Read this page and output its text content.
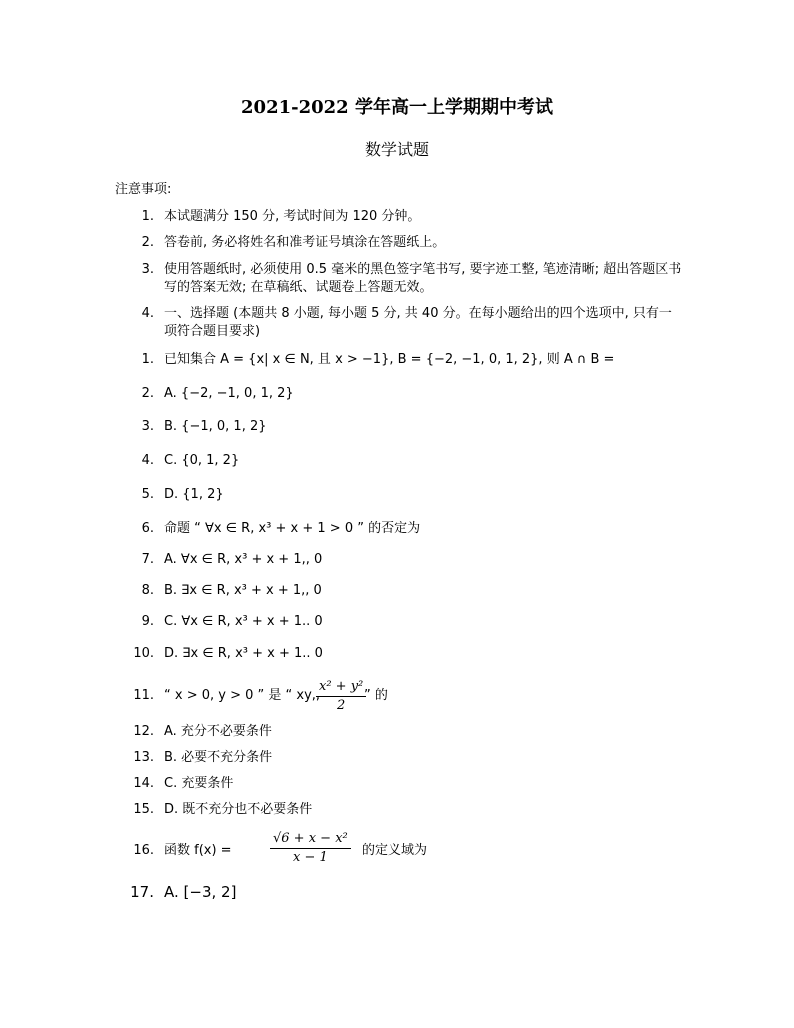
2021-2022 学年高一上学期期中考试
数学试题
注意事项:
1. 本试题满分 150 分, 考试时间为 120 分钟。
2. 答卷前, 务必将姓名和准考证号填涂在答题纸上。
3. 使用答题纸时, 必须使用 0.5 毫米的黑色签字笔书写, 要字迹工整, 笔迹清晰; 超出答题区书写的答案无效; 在草稿纸、试题卷上答题无效。
4. 一、选择题 (本题共 8 小题, 每小题 5 分, 共 40 分。在每小题给出的四个选项中, 只有一项符合题目要求)
1. 已知集合 A = {x| x ∈ N, 且 x > −1}, B = {−2, −1, 0, 1, 2}, 则 A ∩ B =
2. A. {−2, −1, 0, 1, 2}
3. B. {−1, 0, 1, 2}
4. C. {0, 1, 2}
5. D. {1, 2}
6. 命题 “ ∀x ∈ R, x³ + x + 1 > 0 ” 的否定为
7. A. ∀x ∈ R, x³ + x + 1,, 0
8. B. ∃x ∈ R, x³ + x + 1,, 0
9. C. ∀x ∈ R, x³ + x + 1.. 0
10. D. ∃x ∈ R, x³ + x + 1.. 0
11. “ x > 0, y > 0 ” 是 “ xy,,
$\frac{\text{x² + y²}}{2}$
” 的
12. A. 充分不必要条件
13. B. 必要不充分条件
14. C. 充要条件
15. D. 既不充分也不必要条件
16. 函数 f(x) =	$\frac{\text{√6 + x − x²}}{x - 1}$ 的定义域为
17. A. [−3, 2]
